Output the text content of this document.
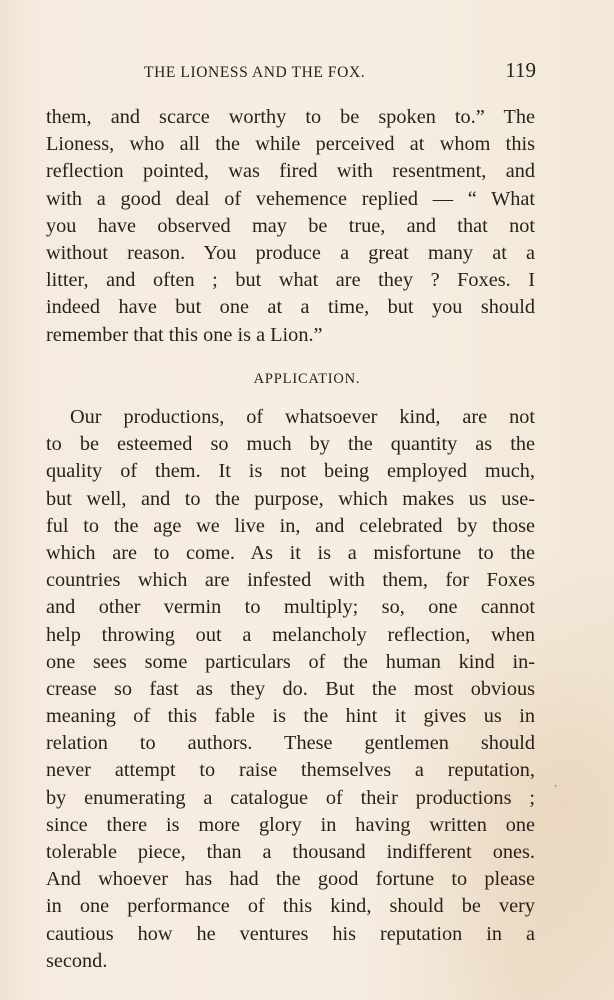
THE LIONESS AND THE FOX.	119
them, and scarce worthy to be spoken to.” The
Lioness, who all the while perceived at whom this
reflection pointed, was fired with resentment, and
with a good deal of vehemence replied — “ What
you have observed may be true, and that not
without reason. You produce a great many at a
litter, and often ; but what are they ? Foxes. I
indeed have but one at a time, but you should
remember that this one is a Lion.”
APPLICATION.
Our productions, of whatsoever kind, are not
to be esteemed so much by the quantity as the
quality of them. It is not being employed much,
but well, and to the purpose, which makes us use-
ful to the age we live in, and celebrated by those
which are to come. As it is a misfortune to the
countries which are infested with them, for Foxes
and other vermin to multiply; so, one cannot
help throwing out a melancholy reflection, when
one sees some particulars of the human kind in-
crease so fast as they do. But the most obvious
meaning of this fable is the hint it gives us in
relation to authors. These gentlemen should
never attempt to raise themselves a reputation,
by enumerating a catalogue of their productions ;
since there is more glory in having written one
tolerable piece, than a thousand indifferent ones.
And whoever has had the good fortune to please
in one performance of this kind, should be very
cautious how he ventures his reputation in a
second.
•
